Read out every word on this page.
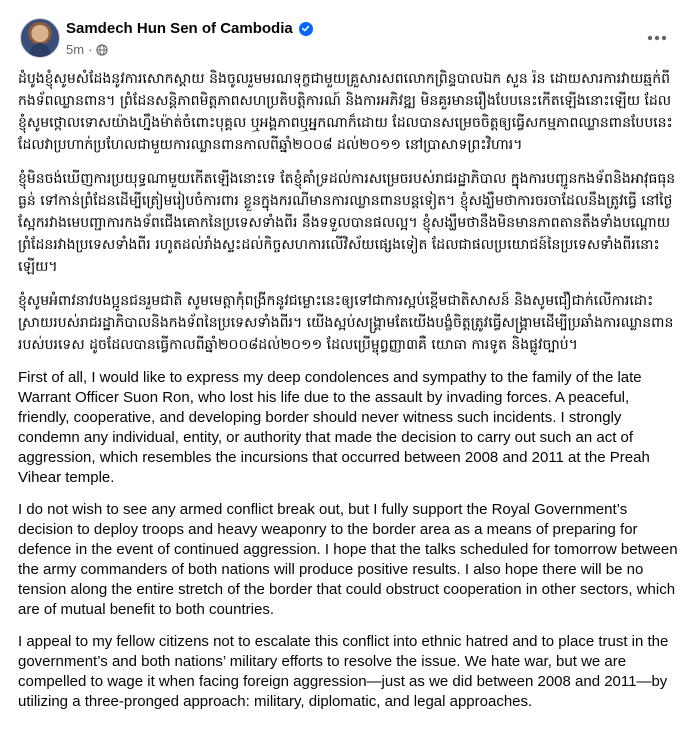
Samdech Hun Sen of Cambodia
5m ·

ដំបូងខ្ញុំសូមសំដែងនូវការសោកស្ដាយ និងចូលរួមមរណទុក្ខជាមួយគ្រួសារសពលោកព្រិន្ទបាលឯក សួន រ៉ន ដោយសារការវាយឆ្មក់ពីកងទ័ពឈ្លានពាន។ ព្រំដែនសន្តិភាពមិត្តភាពសហប្រតិបត្តិការណ៍ និងការអភិវឌ្ឍ មិនគួរមានរឿងបែបនេះកើតឡើងនោះឡើយ ដែលខ្ញុំសូមថ្កោលទោសយ៉ាងហ្នឹងម៉ាត់ចំពោះបុគ្គល ឬអង្គភាពឬអ្នកណាក៏ដោយ ដែលបានសម្រេចចិត្តឲ្យធ្វើសកម្មភាពឈ្លានពានបែបនេះ ដែលវាប្រហាក់ប្រហែលជាមួយការឈ្លានពានកាលពីឆ្នាំ២០០៨ ដល់២០១១ នៅប្រាសាទព្រះវិហារ។

ខ្ញុំមិនចង់ឃើញការប្រយុទ្ធណាមួយកើតឡើងនោះទេ តែខ្ញុំគាំទ្រដល់ការសម្រេចរបស់រាជរដ្ឋាភិបាល ក្នុងការបញ្ជូនកងទ័ពនិងអាវុធធុនធ្ងន់ ទៅកាន់ព្រំដែនដើម្បីត្រៀមរៀបចំការពារ ខ្លួនក្នុងករណីមានការឈ្លានពានបន្តទៀត។ ខ្ញុំសង្ឃឹមថាការចរចាដែលនឹងត្រូវធ្វើ នៅថ្ងៃស្អែករវាងមេបញ្ជាការកងទ័ពជើងគោកនៃប្រទេសទាំងពីរ នឹងទទួលបានផលល្អ។ ខ្ញុំសង្ឃឹមថានឹងមិនមានភាពតានតឹងទាំងបណ្ដោយព្រំដែនរវាងប្រទេសទាំងពីរ រហូតដល់រាំងស្ទះដល់កិច្ចសហការលើវិស័យផ្សេងទៀត ដែលជាផលប្រយោជន៍នៃប្រទេសទាំងពីរនោះឡើយ។

ខ្ញុំសូមអំពាវនាវបងប្អូនជនរួមជាតិ សូមមេត្តាកុំពង្រីកនូវជម្លោះនេះឲ្យទៅជាការស្អប់ខ្ពើមជាតិសាសន៍ និងសូមជឿជាក់លើការដោះស្រាយរបស់រាជរដ្ឋាភិបាលនិងកងទ័ពនៃប្រទេសទាំងពីរ។ យើងស្អប់សង្គ្រាមតែយើងបង្ខំចិត្តត្រូវធ្វើសង្គ្រាមដើម្បីប្រឆាំងការឈ្លានពានរបស់បរទេស ដូចដែលបានធ្វើកាលពីឆ្នាំ២០០៨ដល់២០១១ ដែលប្រើម្ចុព្វញ្ញា៣គឺ យោធា ការទូត និងផ្លូវច្បាប់។

First of all, I would like to express my deep condolences and sympathy to the family of the late Warrant Officer Suon Ron, who lost his life due to the assault by invading forces. A peaceful, friendly, cooperative, and developing border should never witness such incidents. I strongly condemn any individual, entity, or authority that made the decision to carry out such an act of aggression, which resembles the incursions that occurred between 2008 and 2011 at the Preah Vihear temple.

I do not wish to see any armed conflict break out, but I fully support the Royal Government’s decision to deploy troops and heavy weaponry to the border area as a means of preparing for defence in the event of continued aggression. I hope that the talks scheduled for tomorrow between the army commanders of both nations will produce positive results. I also hope there will be no tension along the entire stretch of the border that could obstruct cooperation in other sectors, which are of mutual benefit to both countries.

I appeal to my fellow citizens not to escalate this conflict into ethnic hatred and to place trust in the government’s and both nations’ military efforts to resolve the issue. We hate war, but we are compelled to wage it when facing foreign aggression—just as we did between 2008 and 2011—by utilizing a three-pronged approach: military, diplomatic, and legal approaches.
